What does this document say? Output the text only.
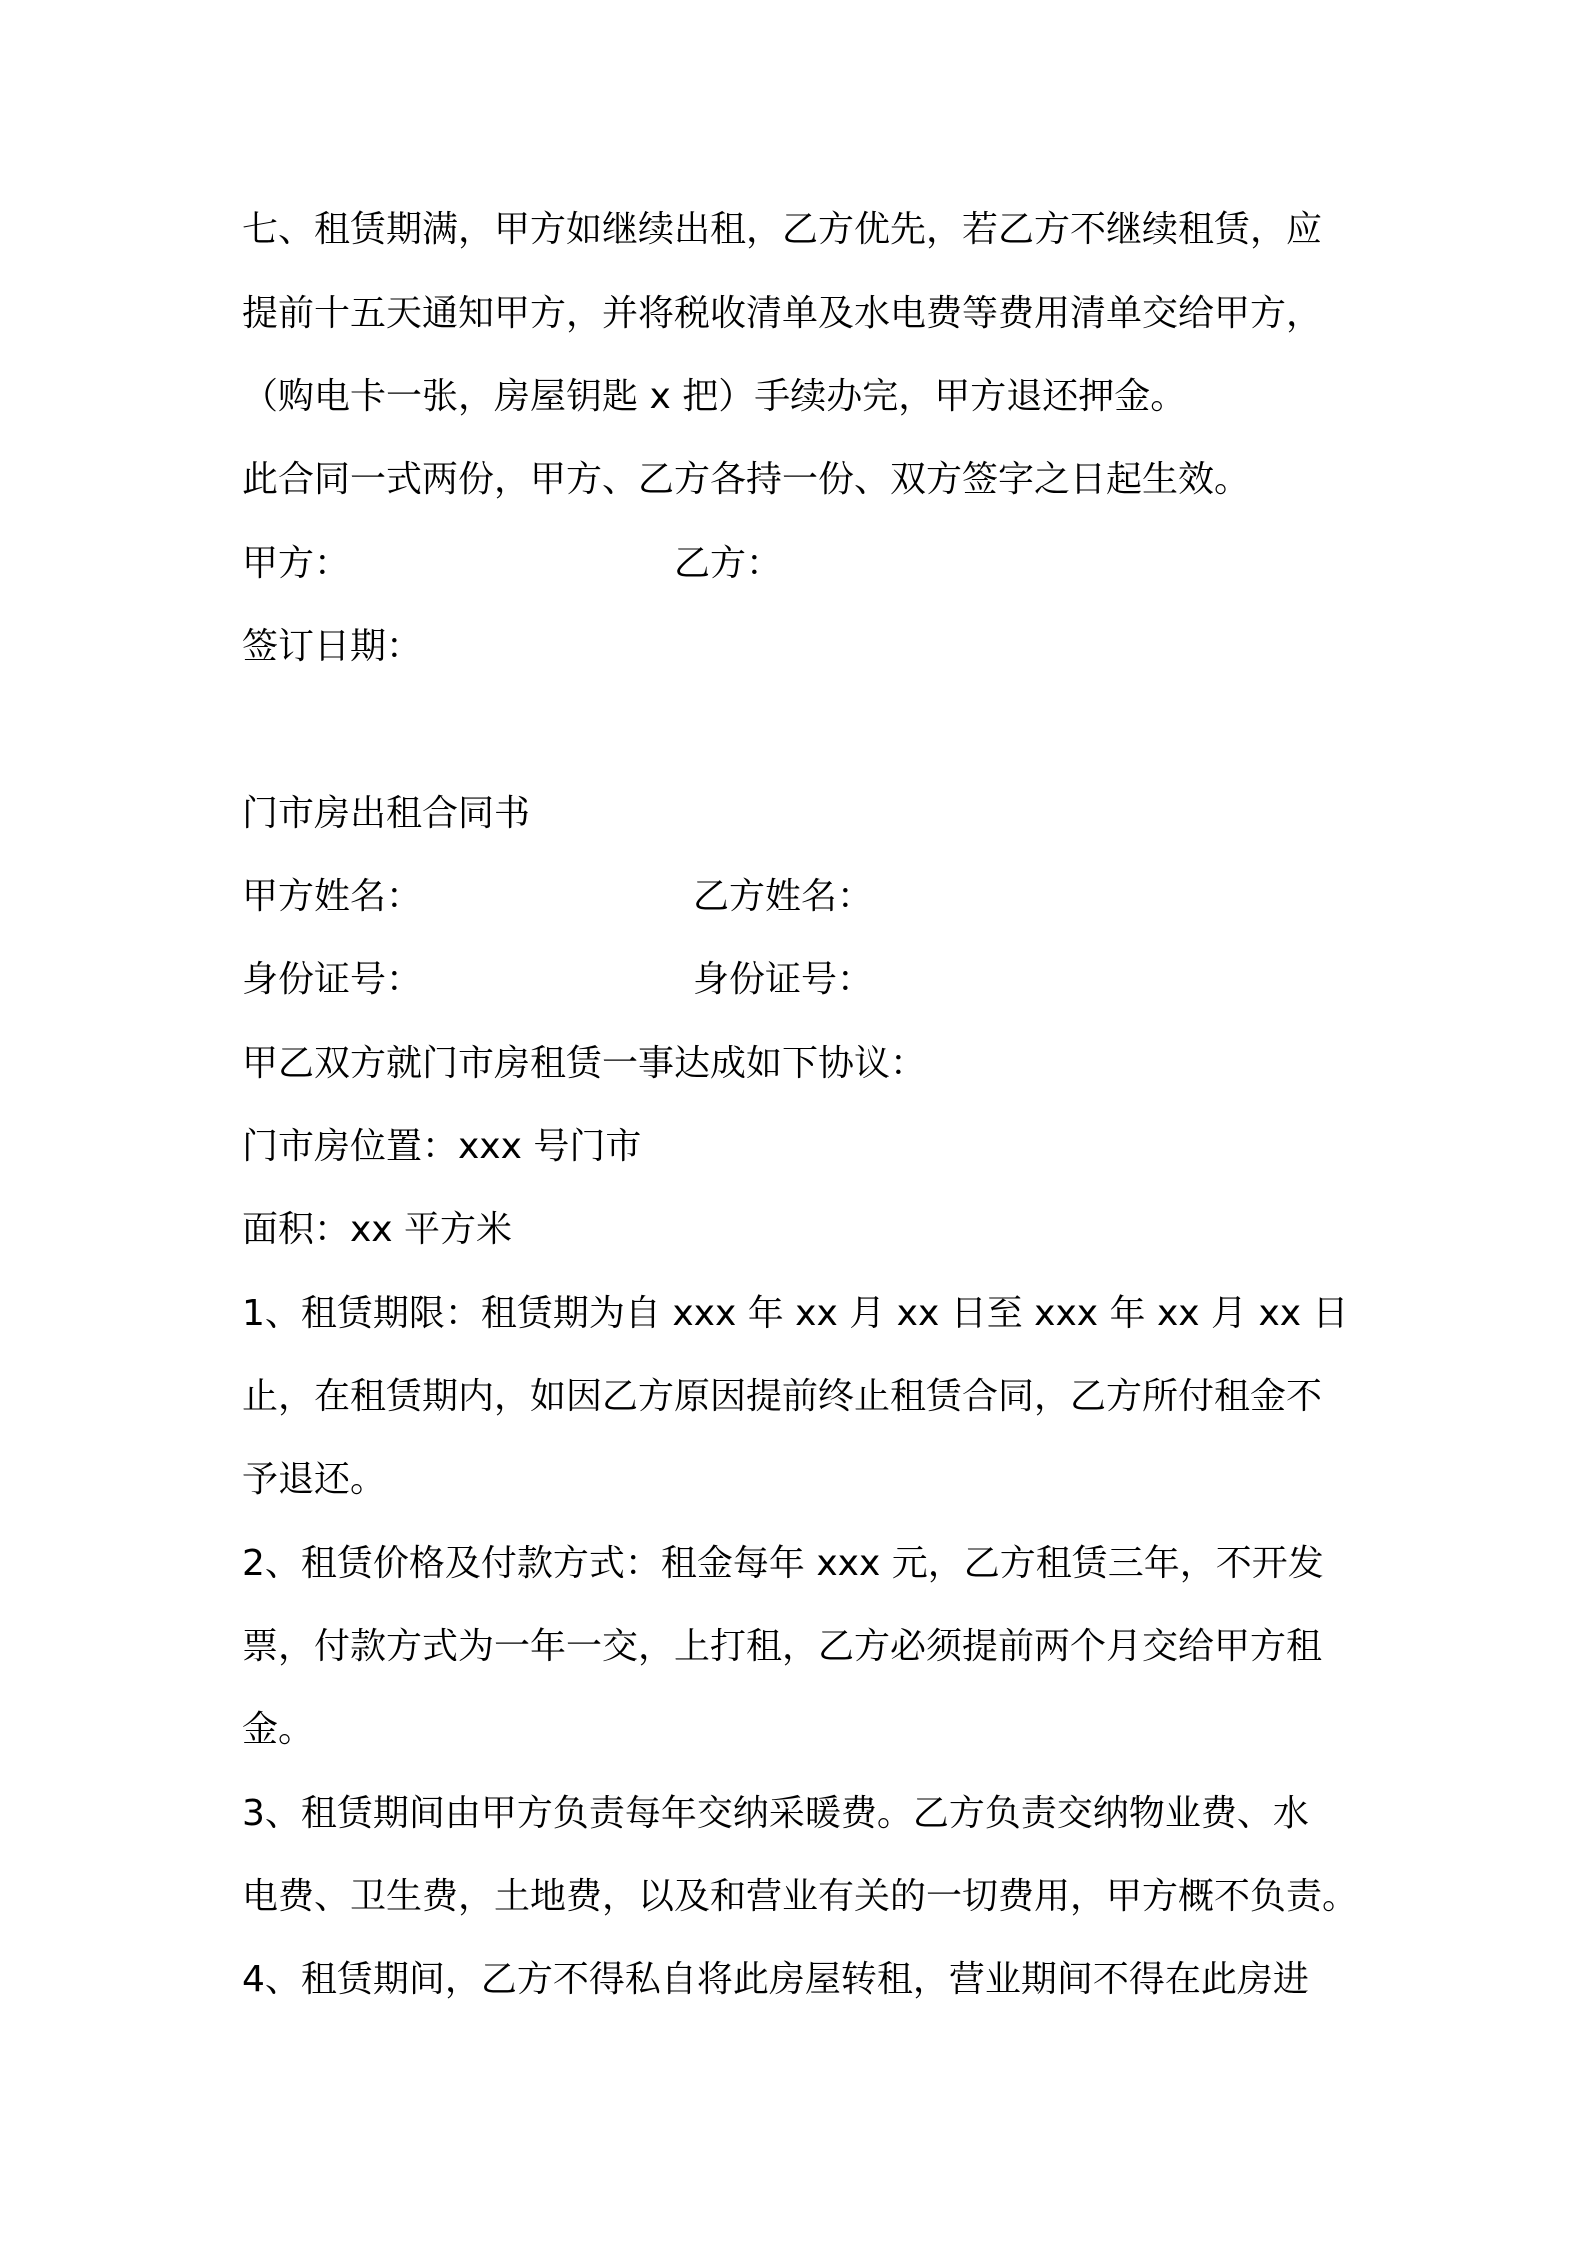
七、租赁期满，甲方如继续出租，乙方优先，若乙方不继续租赁，应
提前十五天通知甲方，并将税收清单及水电费等费用清单交给甲方，
（购电卡一张，房屋钥匙 x 把）手续办完，甲方退还押金。
此合同一式两份，甲方、乙方各持一份、双方签字之日起生效。
甲方：	乙方：
签订日期：
门市房出租合同书
甲方姓名：	乙方姓名：
身份证号：	身份证号：
甲乙双方就门市房租赁一事达成如下协议：
门市房位置：xxx 号门市
面积：xx 平方米
1、租赁期限：租赁期为自 xxx 年 xx 月 xx 日至 xxx 年 xx 月 xx 日
止，在租赁期内，如因乙方原因提前终止租赁合同，乙方所付租金不
予退还。
2、租赁价格及付款方式：租金每年 xxx 元，乙方租赁三年，不开发
票，付款方式为一年一交，上打租，乙方必须提前两个月交给甲方租
金。
3、租赁期间由甲方负责每年交纳采暖费。乙方负责交纳物业费、水
电费、卫生费，土地费，以及和营业有关的一切费用，甲方概不负责。
4、租赁期间，乙方不得私自将此房屋转租，营业期间不得在此房进
